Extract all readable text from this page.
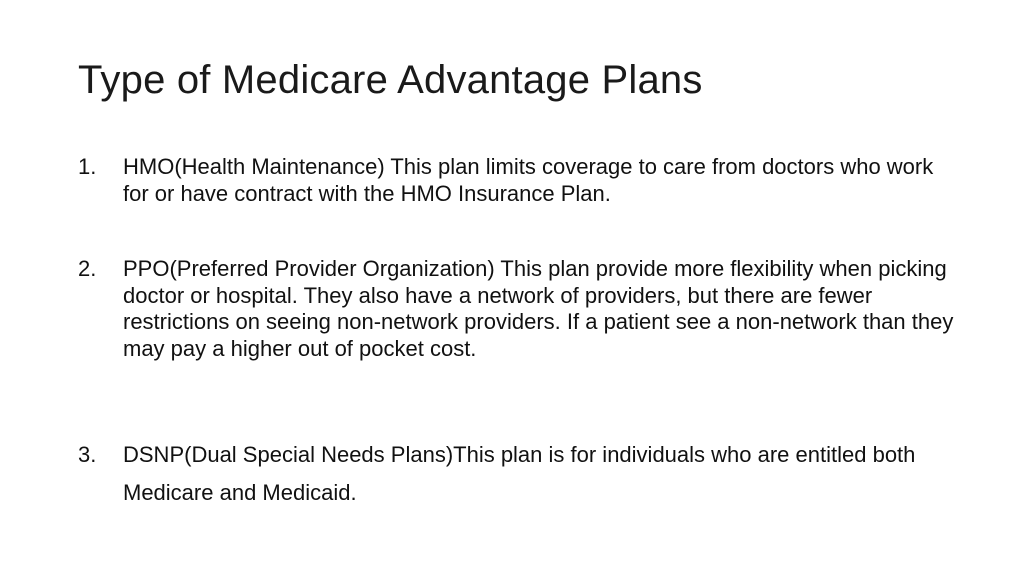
Type of Medicare Advantage Plans
1. HMO(Health Maintenance) This plan limits coverage to care from doctors who work for or have contract with the HMO Insurance Plan.
2. PPO(Preferred Provider Organization) This plan provide more flexibility when picking doctor or hospital. They also have a network of providers, but there are fewer restrictions on seeing non-network providers. If a patient see a non-network than they may pay a higher out of pocket cost.
3. DSNP(Dual Special Needs Plans)This plan is for individuals who are entitled both Medicare and Medicaid.
